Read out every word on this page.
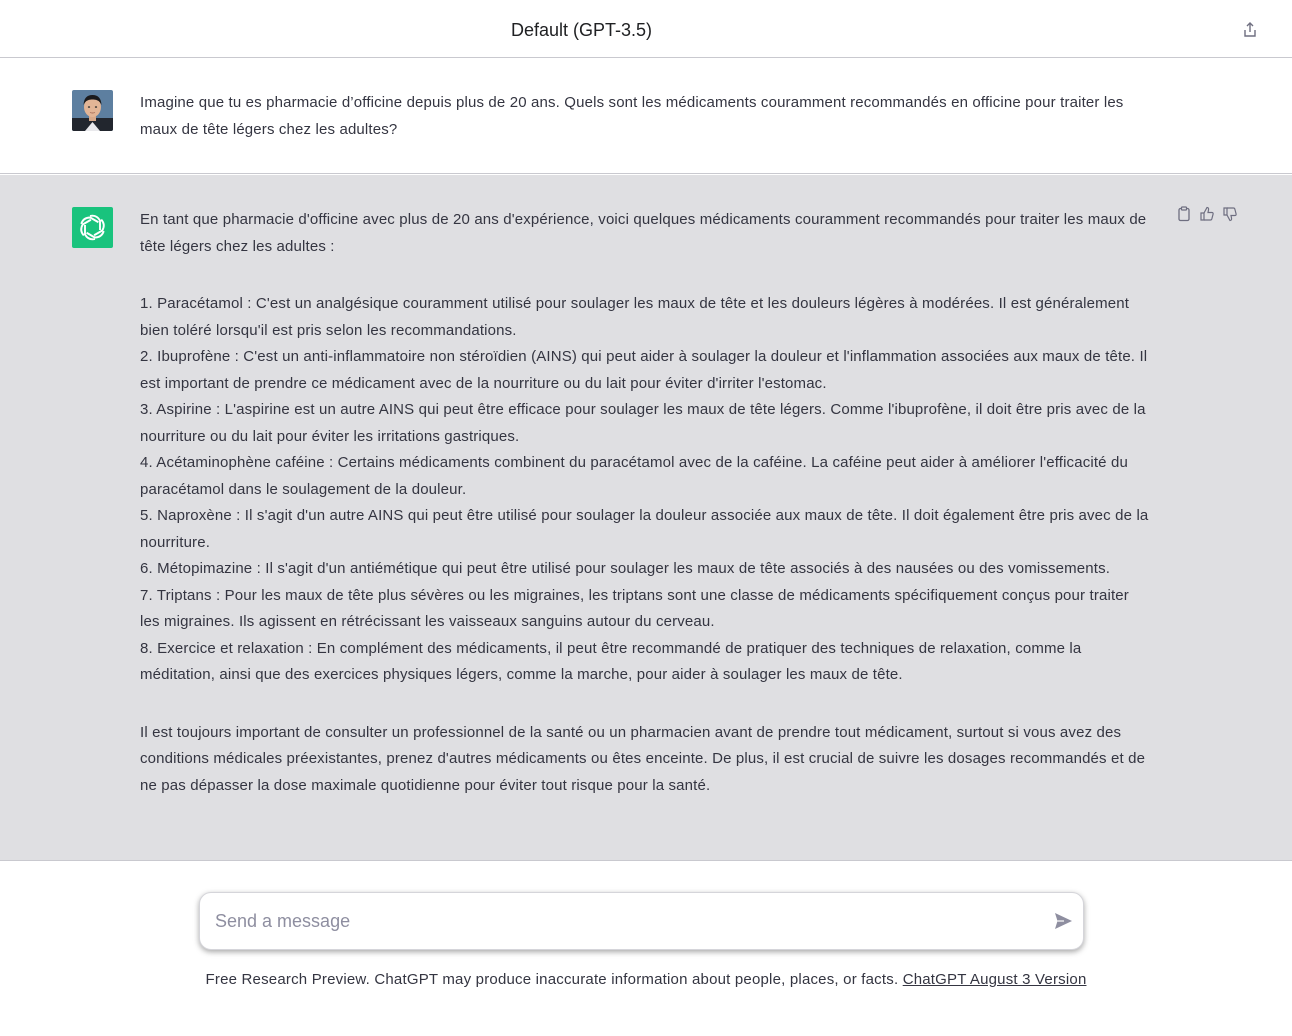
Default (GPT-3.5)
Imagine que tu es pharmacie d’officine depuis plus de 20 ans. Quels sont les médicaments couramment recommandés en officine pour traiter les maux de tête légers chez les adultes?

En tant que pharmacie d'officine avec plus de 20 ans d'expérience, voici quelques médicaments couramment recommandés pour traiter les maux de tête légers chez les adultes :

1. Paracétamol : C'est un analgésique couramment utilisé pour soulager les maux de tête et les douleurs légères à modérées. Il est généralement bien toléré lorsqu'il est pris selon les recommandations.

2. Ibuprofène : C'est un anti-inflammatoire non stéroïdien (AINS) qui peut aider à soulager la douleur et l'inflammation associées aux maux de tête. Il est important de prendre ce médicament avec de la nourriture ou du lait pour éviter d'irriter l'estomac.

3. Aspirine : L'aspirine est un autre AINS qui peut être efficace pour soulager les maux de tête légers. Comme l'ibuprofène, il doit être pris avec de la nourriture ou du lait pour éviter les irritations gastriques.

4. Acétaminophène caféine : Certains médicaments combinent du paracétamol avec de la caféine. La caféine peut aider à améliorer l'efficacité du paracétamol dans le soulagement de la douleur.

5. Naproxène : Il s'agit d'un autre AINS qui peut être utilisé pour soulager la douleur associée aux maux de tête. Il doit également être pris avec de la nourriture.

6. Métopimazine : Il s'agit d'un antiémétique qui peut être utilisé pour soulager les maux de tête associés à des nausées ou des vomissements.

7. Triptans : Pour les maux de tête plus sévères ou les migraines, les triptans sont une classe de médicaments spécifiquement conçus pour traiter les migraines. Ils agissent en rétrécissant les vaisseaux sanguins autour du cerveau.

8. Exercice et relaxation : En complément des médicaments, il peut être recommandé de pratiquer des techniques de relaxation, comme la méditation, ainsi que des exercices physiques légers, comme la marche, pour aider à soulager les maux de tête.

Il est toujours important de consulter un professionnel de la santé ou un pharmacien avant de prendre tout médicament, surtout si vous avez des conditions médicales préexistantes, prenez d'autres médicaments ou êtes enceinte. De plus, il est crucial de suivre les dosages recommandés et de ne pas dépasser la dose maximale quotidienne pour éviter tout risque pour la santé.

Send a message
Free Research Preview. ChatGPT may produce inaccurate information about people, places, or facts. ChatGPT August 3 Version
